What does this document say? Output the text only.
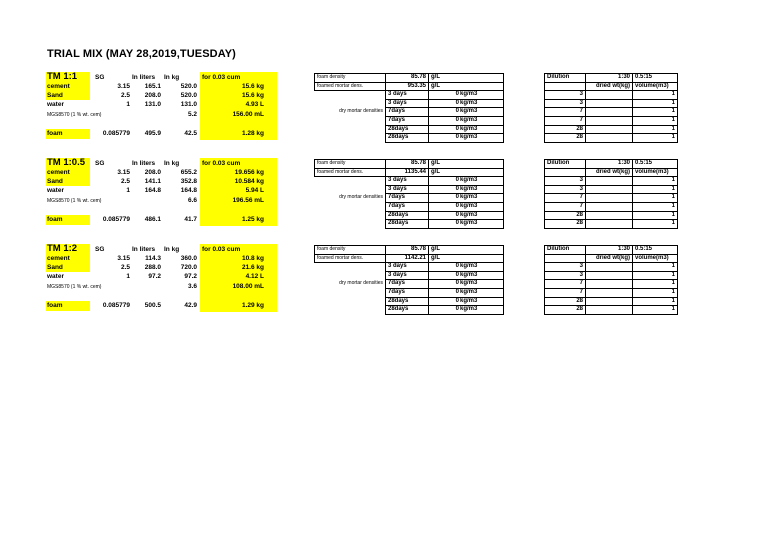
TRIAL MIX (MAY 28,2019,TUESDAY)
TM 1:1	SG	In liters In kg	for 0.03 cum
cement	3.15	165.1	520.0	15.6 kg
Sand	2.5	208.0	520.0	15.6 kg
water	1	131.0	131.0	4.93 L
MGS8570 (1 % wt. cem)	5.2	156.00 mL
foam	0.085779	495.9	42.5	1.28 kg
foam density	85.78	g/L	
foamed mortar dens.	953.35	g/L	
	3 days	0kg/m3	
	3 days	0kg/m3	
dry mortar densities	7days	0kg/m3	
	7days	0kg/m3	
	28days	0kg/m3	
	28days	0kg/m3	
Dilution	1:30	0.5:15
	dried wt(kg)	volume(m3)
3		1
3		1
7		1
7		1
28		1
28		1
TM 1:0.5 SG	In liters In kg	for 0.03 cum
cement	3.15	208.0	655.2	19.656 kg
Sand	2.5	141.1	352.8	10.584 kg
water	1	164.8	164.8	5.94 L
MGS8570 (1 % wt. cem)	6.6	196.56 mL
foam	0.085779	486.1	41.7	1.25 kg
foam density	85.78	g/L	
foamed mortar dens.	1135.44	g/L	
	3 days	0kg/m3	
	3 days	0kg/m3	
dry mortar densities	7days	0kg/m3	
	7days	0kg/m3	
	28days	0kg/m3	
	28days	0kg/m3	
Dilution	1:30	0.5:15
	dried wt(kg)	volume(m3)
3		1
3		1
7		1
7		1
28		1
28		1
TM 1:2	SG	In liters In kg	for 0.03 cum
cement	3.15	114.3	360.0	10.8 kg
Sand	2.5	288.0	720.0	21.6 kg
water	1	97.2	97.2	4.12 L
MGS8570 (1 % wt. cem)	3.6	108.00 mL
foam	0.085779	500.5	42.9	1.29 kg
foam density	85.78	g/L	
foamed mortar dens.	1142.21	g/L	
	3 days	0kg/m3	
	3 days	0kg/m3	
dry mortar densities	7days	0kg/m3	
	7days	0kg/m3	
	28days	0kg/m3	
	28days	0kg/m3	
Dilution	1:30	0.5:15
	dried wt(kg)	volume(m3)
3		1
3		1
7		1
7		1
28		1
28		1
